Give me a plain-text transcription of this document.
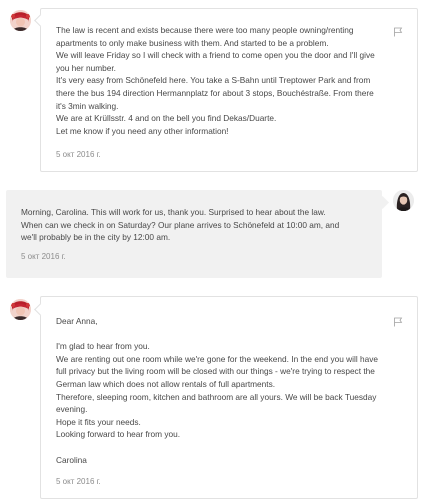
The law is recent and exists because there were too many people owning/renting

apartments to only make business with them. And started to be a problem.

We will leave Friday so I will check with a friend to come open you the door and I'll give

you her number.

It's very easy from Schönefeld here. You take a S-Bahn until Treptower Park and from

there the bus 194 direction Hermannplatz for about 3 stops, Bouchéstraße. From there

it's 3min walking.

We are at Krüllsstr. 4 and on the bell you find Dekas/Duarte.

Let me know if you need any other information!

5 окт 2016 г.

Morning, Carolina. This will work for us, thank you. Surprised to hear about the law.

When can we check in on Saturday? Our plane arrives to Schönefeld at 10:00 am, and

we'll probably be in the city by 12:00 am.

5 окт 2016 г.

Dear Anna,

I'm glad to hear from you.

We are renting out one room while we're gone for the weekend. In the end you will have

full privacy but the living room will be closed with our things - we're trying to respect the

German law which does not allow rentals of full apartments.

Therefore, sleeping room, kitchen and bathroom are all yours. We will be back Tuesday

evening.

Hope it fits your needs.

Looking forward to hear from you.

Carolina

5 окт 2016 г.
